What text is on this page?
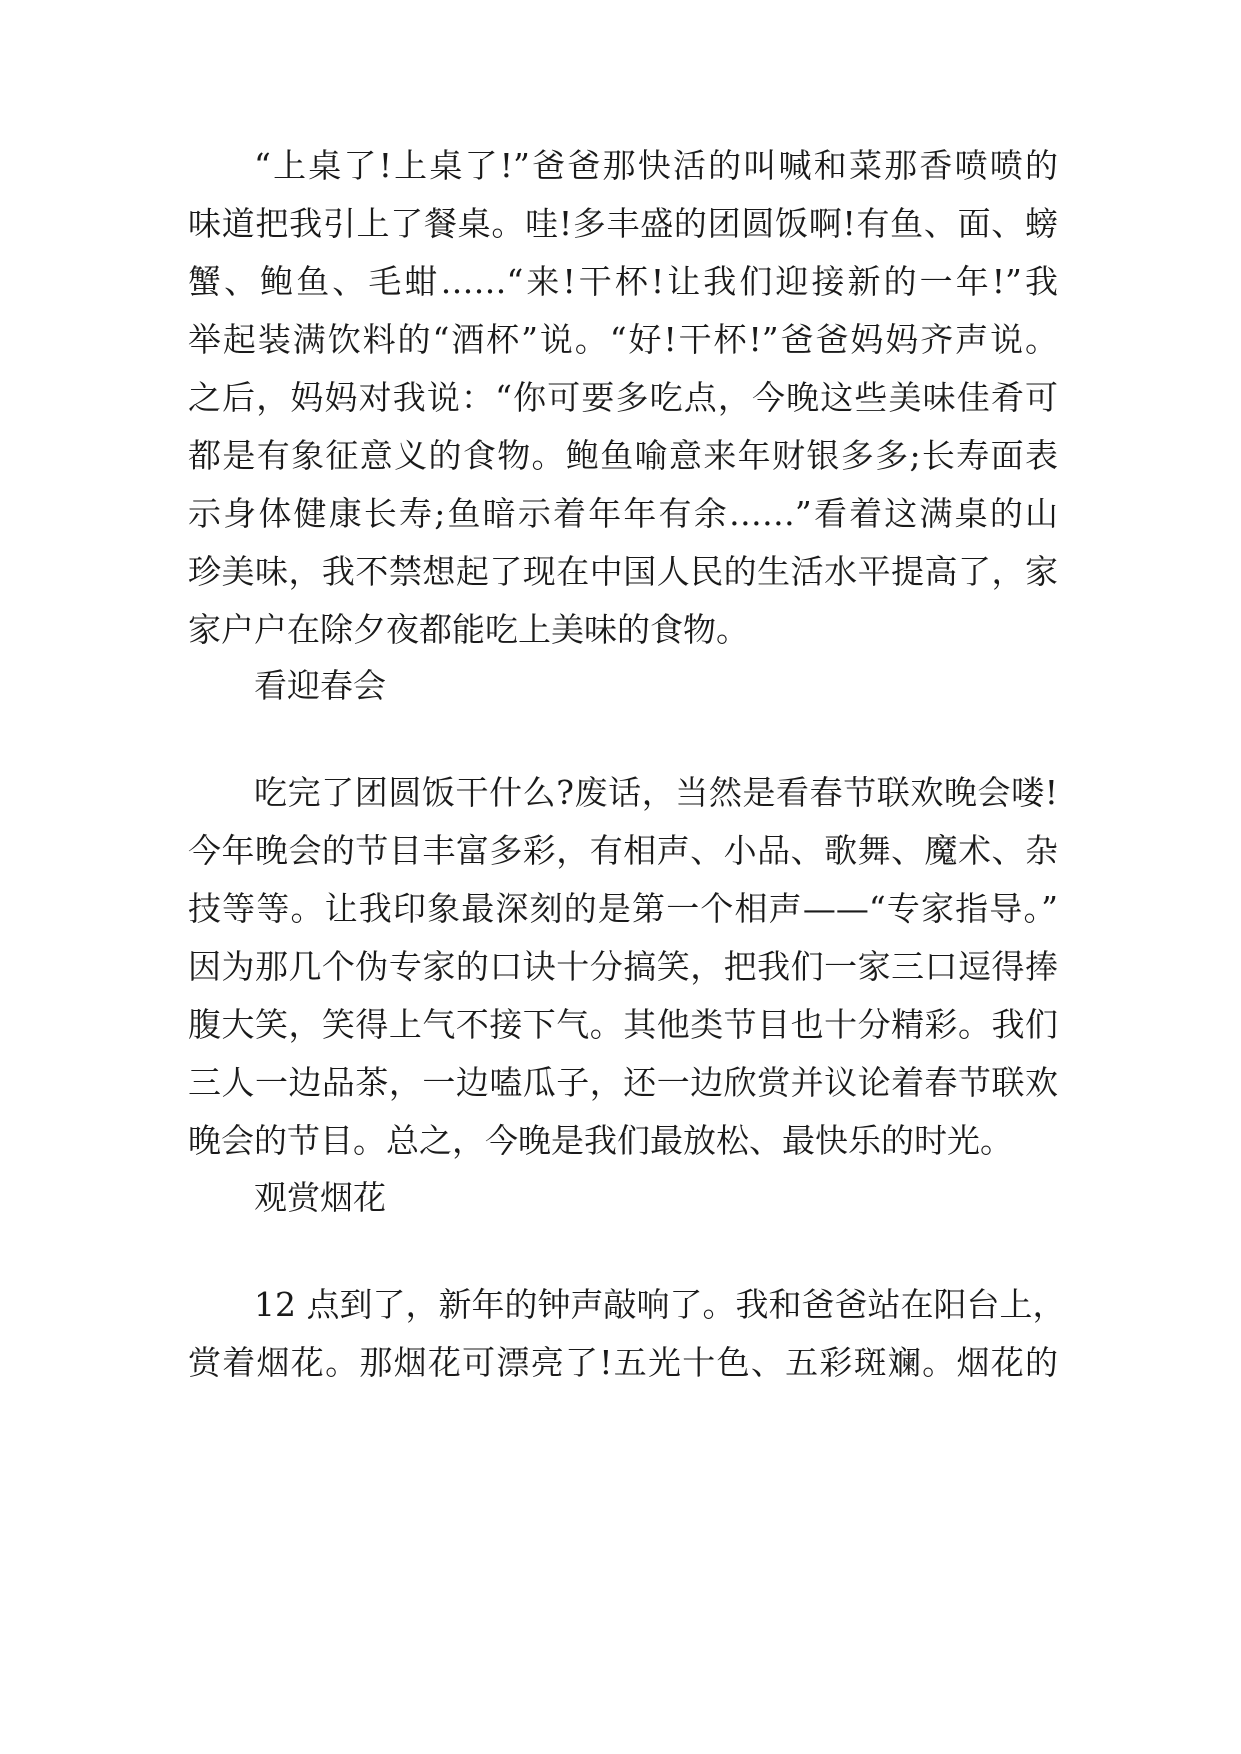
“上桌了!上桌了!”爸爸那快活的叫喊和菜那香喷喷的
味道把我引上了餐桌。哇!多丰盛的团圆饭啊!有鱼、面、螃
蟹、鲍鱼、毛蚶……“来!干杯!让我们迎接新的一年!”我
举起装满饮料的“酒杯”说。“好!干杯!”爸爸妈妈齐声说。
之后，妈妈对我说：“你可要多吃点，今晚这些美味佳肴可
都是有象征意义的食物。鲍鱼喻意来年财银多多;长寿面表
示身体健康长寿;鱼暗示着年年有余……”看着这满桌的山
珍美味，我不禁想起了现在中国人民的生活水平提高了，家
家户户在除夕夜都能吃上美味的食物。
看迎春会
吃完了团圆饭干什么?废话，当然是看春节联欢晚会喽!
今年晚会的节目丰富多彩，有相声、小品、歌舞、魔术、杂
技等等。让我印象最深刻的是第一个相声——“专家指导。”
因为那几个伪专家的口诀十分搞笑，把我们一家三口逗得捧
腹大笑，笑得上气不接下气。其他类节目也十分精彩。我们
三人一边品茶，一边嗑瓜子，还一边欣赏并议论着春节联欢
晚会的节目。总之，今晚是我们最放松、最快乐的时光。
观赏烟花
12 点到了，新年的钟声敲响了。我和爸爸站在阳台上，
赏着烟花。那烟花可漂亮了!五光十色、五彩斑斓。烟花的
